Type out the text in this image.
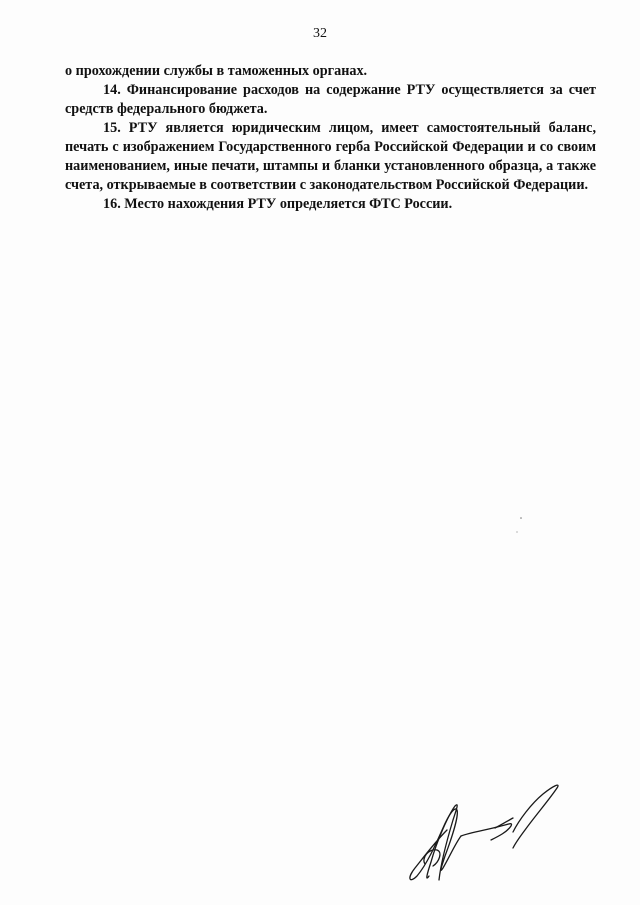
32

о прохождении службы в таможенных органах.

14. Финансирование расходов на содержание РТУ осуществляется за счет средств федерального бюджета.

15. РТУ является юридическим лицом, имеет самостоятельный баланс, печать с изображением Государственного герба Российской Федерации и со своим наименованием, иные печати, штампы и бланки установленного образца, а также счета, открываемые в соответствии с законодательством Российской Федерации.

16. Место нахождения РТУ определяется ФТС России.
